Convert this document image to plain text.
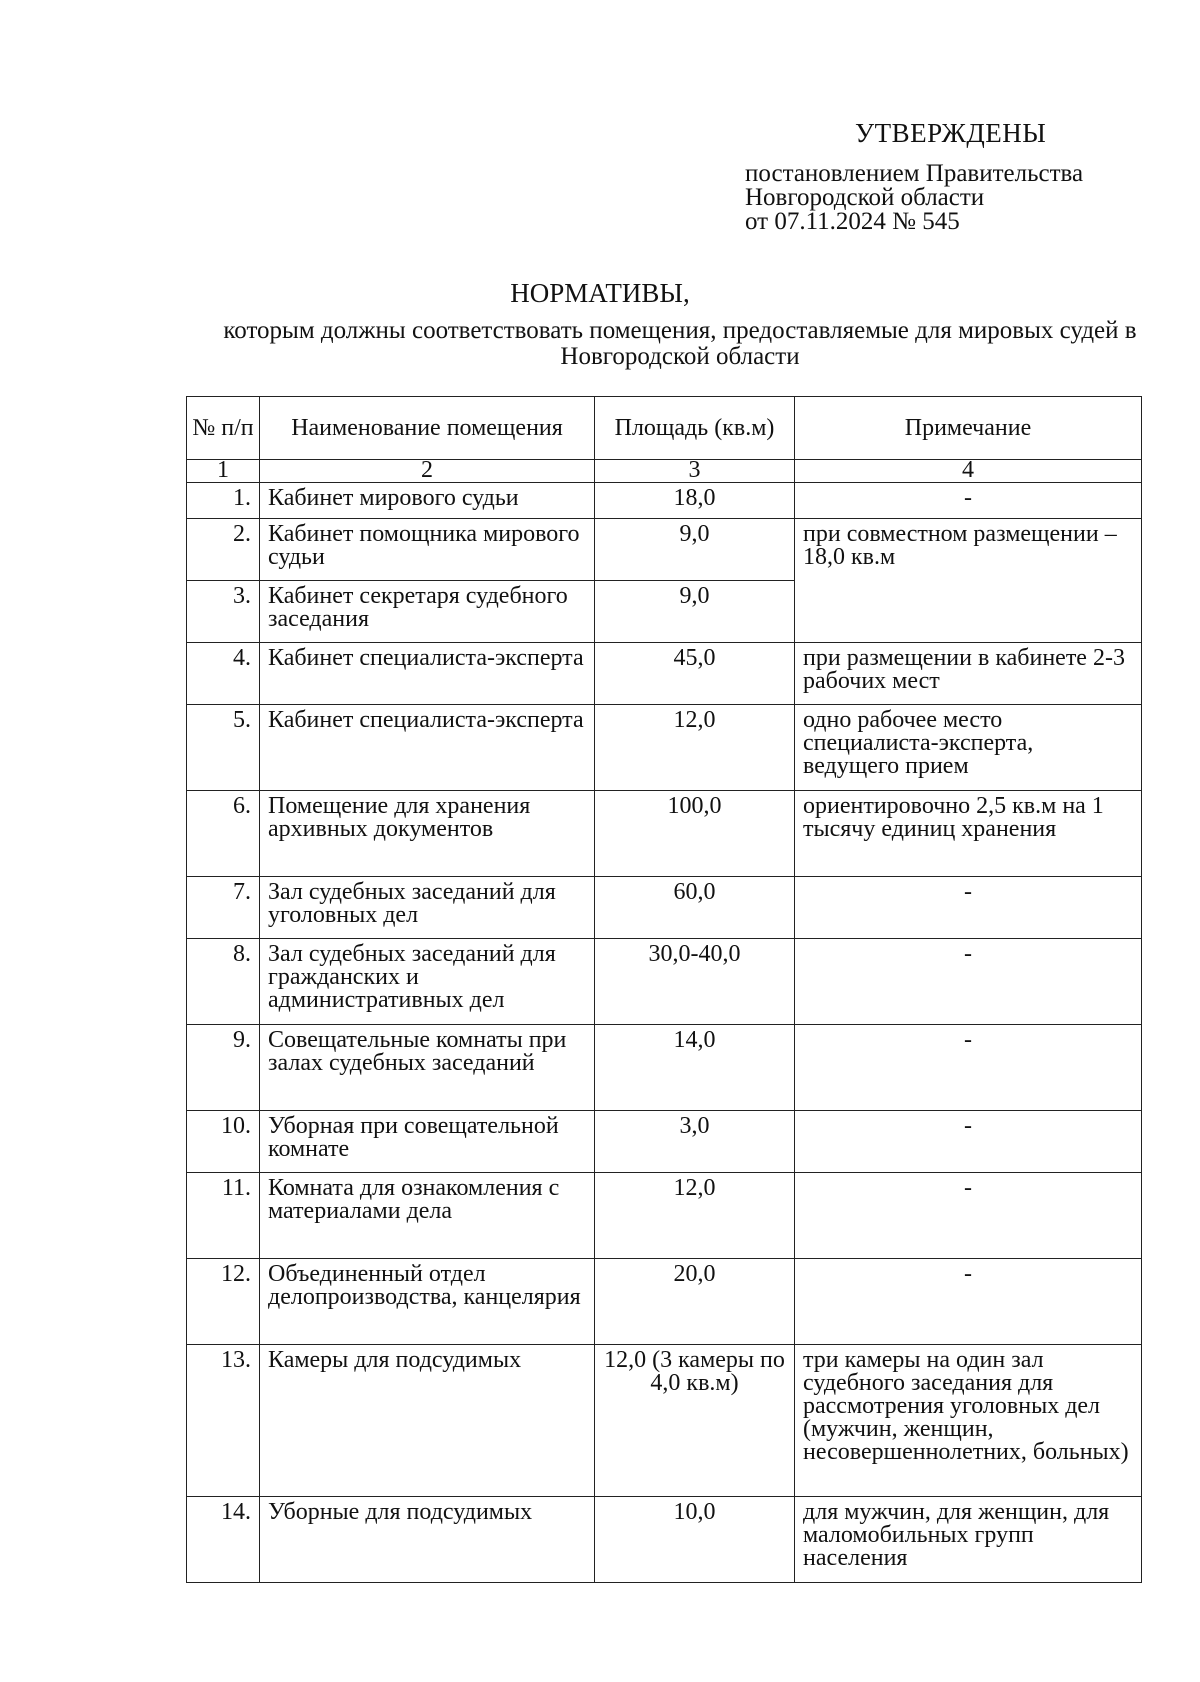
УТВЕРЖДЕНЫ
постановлением Правительства
Новгородской области
от 07.11.2024 № 545
НОРМАТИВЫ,
которым должны соответствовать помещения, предоставляемые для мировых судей в Новгородской области
№ п/п	Наименование помещения	Площадь (кв.м)	Примечание
1	2	3	4
1.	Кабинет мирового судьи	18,0	-
2.	Кабинет помощника мирового судьи	9,0	при совместном размещении – 18,0 кв.м
3.	Кабинет секретаря судебного заседания	9,0	
4.	Кабинет специалиста-эксперта	45,0	при размещении в кабинете 2-3 рабочих мест
5.	Кабинет специалиста-эксперта	12,0	одно рабочее место специалиста-эксперта, ведущего прием
6.	Помещение для хранения архивных документов	100,0	ориентировочно 2,5 кв.м на 1 тысячу единиц хранения
7.	Зал судебных заседаний для уголовных дел	60,0	-
8.	Зал судебных заседаний для гражданских и административных дел	30,0-40,0	-
9.	Совещательные комнаты при залах судебных заседаний	14,0	-
10.	Уборная при совещательной комнате	3,0	-
11.	Комната для ознакомления с материалами дела	12,0	-
12.	Объединенный отдел делопроизводства, канцелярия	20,0	-
13.	Камеры для подсудимых	12,0 (3 камеры по 4,0 кв.м)	три камеры на один зал судебного заседания для рассмотрения уголовных дел (мужчин, женщин, несовершеннолетних, больных)
14.	Уборные для подсудимых	10,0	для мужчин, для женщин, для маломобильных групп населения
